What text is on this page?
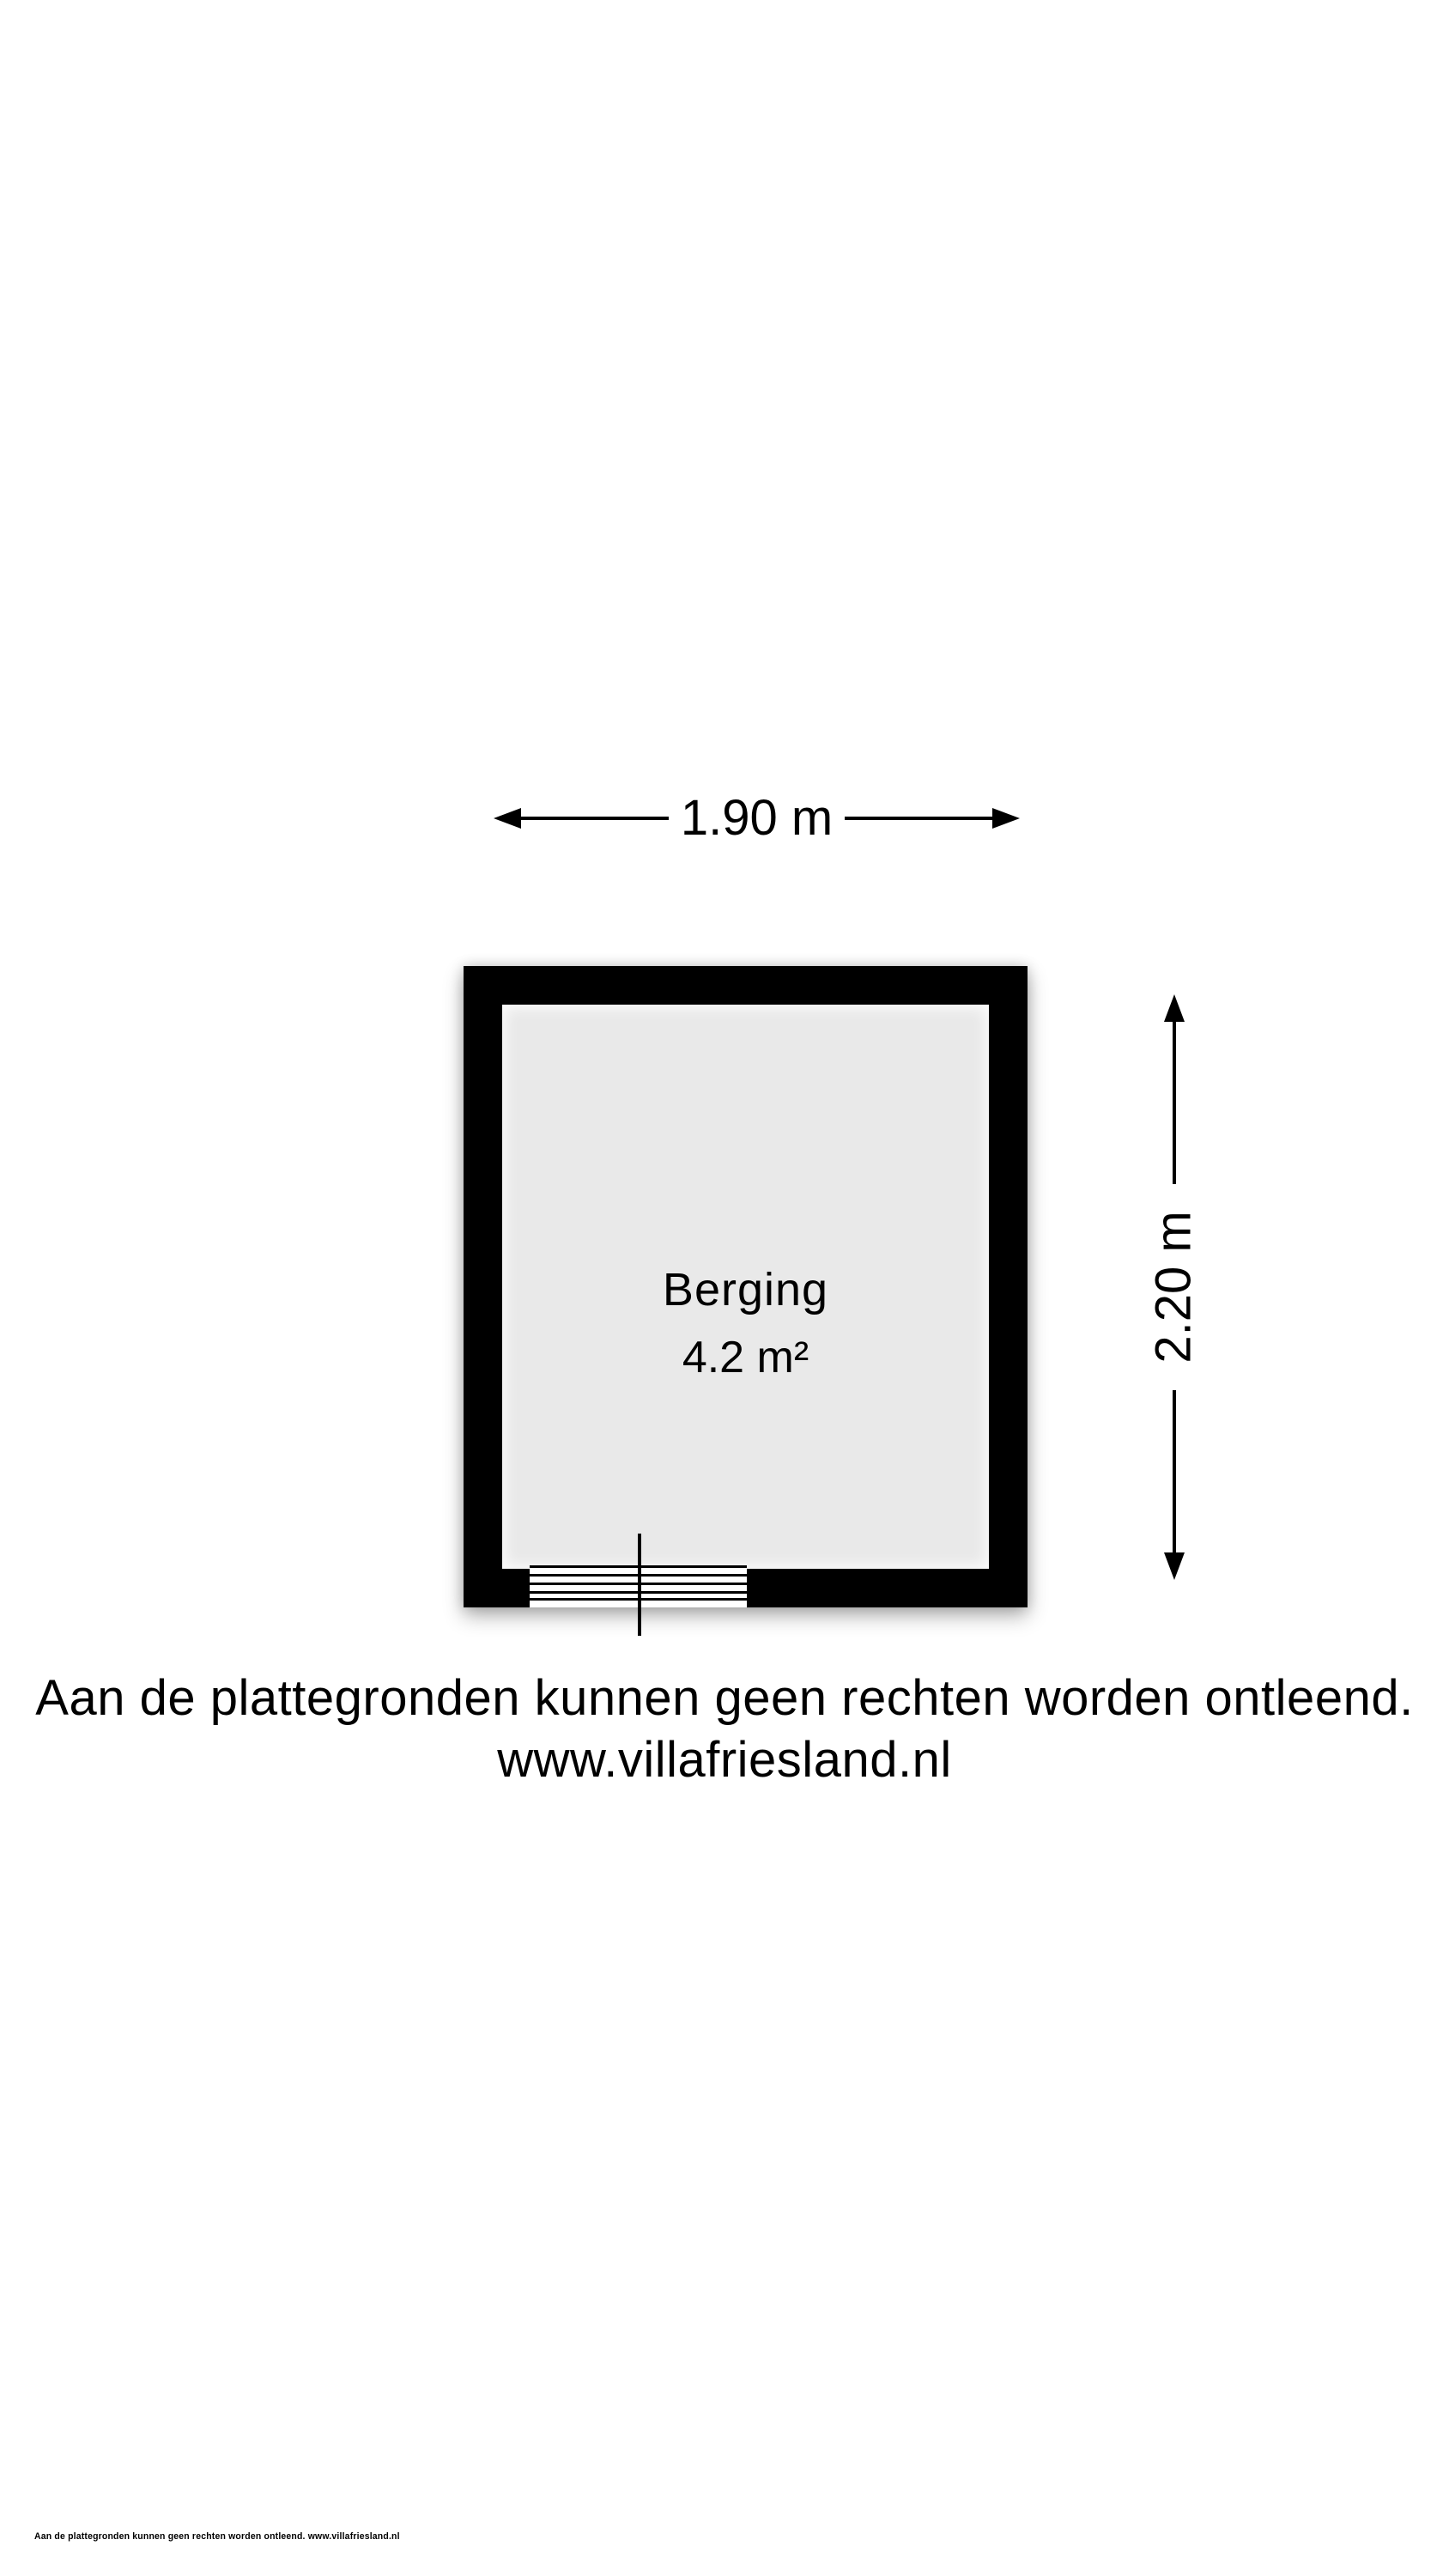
1.90 m
Berging
4.2 m²	2.20 m
Aan de plattegronden kunnen geen rechten worden ontleend.
www.villafriesland.nl
Aan de plattegronden kunnen geen rechten worden ontleend. www.villafriesland.nl
